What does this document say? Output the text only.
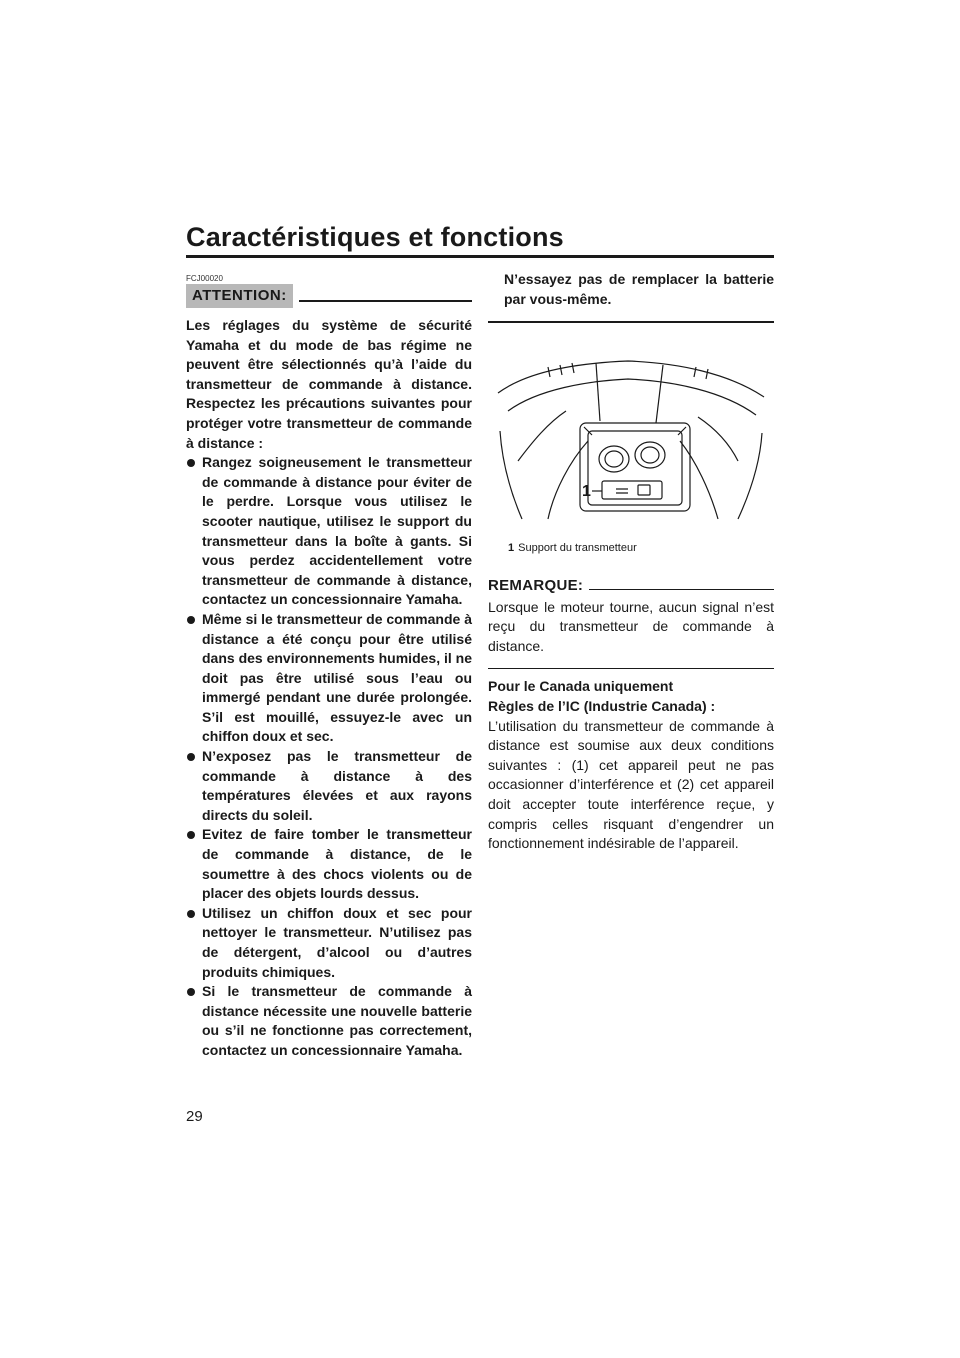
Caractéristiques et fonctions
FCJ00020
ATTENTION:

Les réglages du système de sécurité Yamaha et du mode de bas régime ne peuvent être sélectionnés qu’à l’aide du transmetteur de commande à distance. Respectez les précautions suivantes pour protéger votre transmetteur de commande à distance :

Rangez soigneusement le transmetteur de commande à distance pour éviter de le perdre. Lorsque vous utilisez le scooter nautique, utilisez le support du transmetteur dans la boîte à gants. Si vous perdez accidentellement votre transmetteur de commande à distance, contactez un concessionnaire Yamaha.
Même si le transmetteur de commande à distance a été conçu pour être utilisé dans des environnements humides, il ne doit pas être utilisé sous l’eau ou immergé pendant une durée prolongée. S’il est mouillé, essuyez-le avec un chiffon doux et sec.
N’exposez pas le transmetteur de commande à distance à des températures élevées et aux rayons directs du soleil.
Evitez de faire tomber le transmetteur de commande à distance, de le soumettre à des chocs violents ou de placer des objets lourds dessus.
Utilisez un chiffon doux et sec pour nettoyer le transmetteur. N’utilisez pas de détergent, d’alcool ou d’autres produits chimiques.
Si le transmetteur de commande à distance nécessite une nouvelle batterie ou s’il ne fonctionne pas correctement, contactez un concessionnaire Yamaha.

N’essayez pas de remplacer la batterie par vous-même.

1
1 Support du transmetteur
REMARQUE:

Lorsque le moteur tourne, aucun signal n’est reçu du transmetteur de commande à distance.

Pour le Canada uniquement

Règles de l’IC (Industrie Canada) :

L’utilisation du transmetteur de commande à distance est soumise aux deux conditions suivantes : (1) cet appareil peut ne pas occasionner d’interférence et (2) cet appareil doit accepter toute interférence reçue, y compris celles risquant d’engendrer un fonctionnement indésirable de l’appareil.

29
